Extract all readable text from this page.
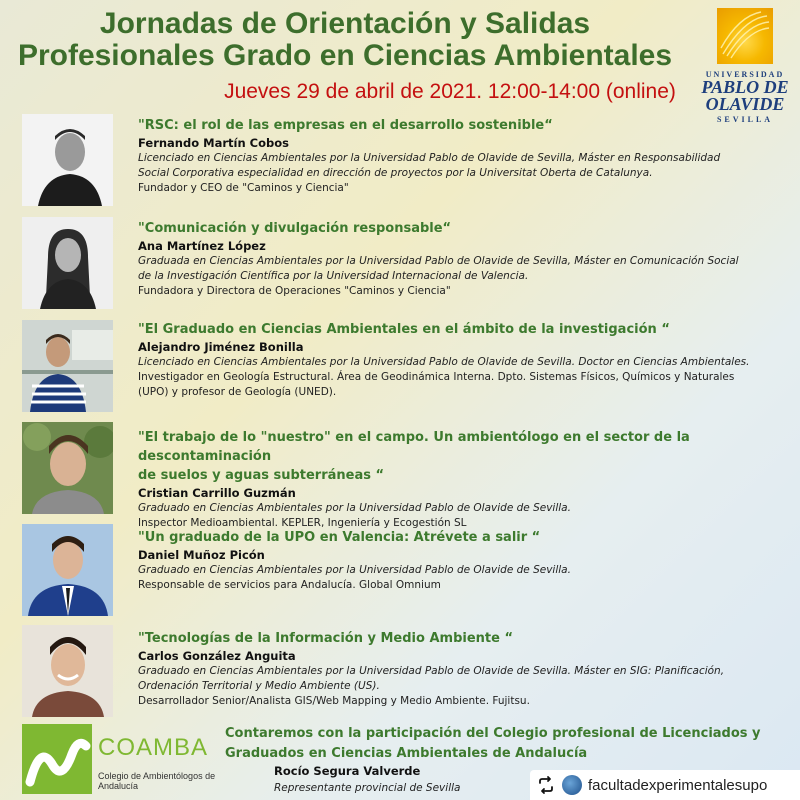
Jornadas de Orientación y Salidas
Profesionales Grado en Ciencias Ambientales
Jueves 29 de abril de 2021. 12:00-14:00 (online)
UNIVERSIDAD
PABLO DE
OLAVIDE
SEVILLA
"RSC: el rol de las empresas en el desarrollo sostenible“
Fernando Martín Cobos
Licenciado en Ciencias Ambientales por la Universidad Pablo de Olavide de Sevilla, Máster en Responsabilidad
Social Corporativa especialidad en dirección de proyectos por la Universitat Oberta de Catalunya.
Fundador y CEO de "Caminos y Ciencia"
"Comunicación y divulgación responsable“
Ana Martínez López
Graduada en Ciencias Ambientales por la Universidad Pablo de Olavide de Sevilla, Máster en Comunicación Social
de la Investigación Científica por la Universidad Internacional de Valencia.
Fundadora y Directora de Operaciones "Caminos y Ciencia"
"El Graduado en Ciencias Ambientales en el ámbito de la investigación “
Alejandro Jiménez Bonilla
Licenciado en Ciencias Ambientales por la Universidad Pablo de Olavide de Sevilla. Doctor en Ciencias Ambientales.
Investigador en Geología Estructural. Área de Geodinámica Interna. Dpto. Sistemas Físicos, Químicos y Naturales
(UPO) y profesor de Geología (UNED).
"El trabajo de lo "nuestro" en el campo. Un ambientólogo en el sector de la descontaminación
de suelos y aguas subterráneas “
Cristian Carrillo Guzmán
Graduado en Ciencias Ambientales por la Universidad Pablo de Olavide de Sevilla.
Inspector Medioambiental. KEPLER, Ingeniería y Ecogestión SL
"Un graduado de la UPO en Valencia: Atrévete a salir “
Daniel Muñoz Picón
Graduado en Ciencias Ambientales por la Universidad Pablo de Olavide de Sevilla.
Responsable de servicios para Andalucía. Global Omnium
"Tecnologías de la Información y Medio Ambiente “
Carlos González Anguita
Graduado en Ciencias Ambientales por la Universidad Pablo de Olavide de Sevilla. Máster en SIG: Planificación,
Ordenación Territorial y Medio Ambiente (US).
Desarrollador Senior/Analista GIS/Web Mapping y Medio Ambiente. Fujitsu.
COAMBA
Colegio de Ambientólogos de Andalucía
Contaremos con la participación del Colegio profesional de Licenciados y
Graduados en Ciencias Ambientales de Andalucía
Rocío Segura Valverde
Representante provincial de Sevilla	facultadexperimentalesupo
